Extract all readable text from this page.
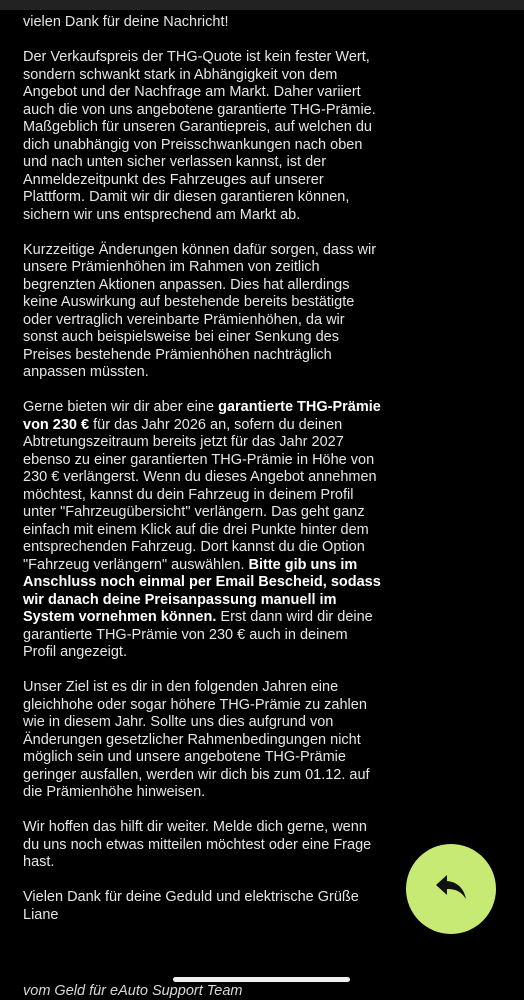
vielen Dank für deine Nachricht!

Der Verkaufspreis der THG-Quote ist kein fester Wert, sondern schwankt stark in Abhängigkeit von dem Angebot und der Nachfrage am Markt. Daher variiert auch die von uns angebotene garantierte THG-Prämie. Maßgeblich für unseren Garantiepreis, auf welchen du dich unabhängig von Preisschwankungen nach oben und nach unten sicher verlassen kannst, ist der Anmeldezeitpunkt des Fahrzeuges auf unserer Plattform. Damit wir dir diesen garantieren können, sichern wir uns entsprechend am Markt ab.

Kurzzeitige Änderungen können dafür sorgen, dass wir unsere Prämienhöhen im Rahmen von zeitlich begrenzten Aktionen anpassen. Dies hat allerdings keine Auswirkung auf bestehende bereits bestätigte oder vertraglich vereinbarte Prämienhöhen, da wir sonst auch beispielsweise bei einer Senkung des Preises bestehende Prämienhöhen nachträglich anpassen müssten.

Gerne bieten wir dir aber eine garantierte THG-Prämie von 230 € für das Jahr 2026 an, sofern du deinen Abtretungszeitraum bereits jetzt für das Jahr 2027 ebenso zu einer garantierten THG-Prämie in Höhe von 230 € verlängerst. Wenn du dieses Angebot annehmen möchtest, kannst du dein Fahrzeug in deinem Profil unter "Fahrzeugübersicht" verlängern. Das geht ganz einfach mit einem Klick auf die drei Punkte hinter dem entsprechenden Fahrzeug. Dort kannst du die Option "Fahrzeug verlängern" auswählen. Bitte gib uns im Anschluss noch einmal per Email Bescheid, sodass wir danach deine Preisanpassung manuell im System vornehmen können. Erst dann wird dir deine garantierte THG-Prämie von 230 € auch in deinem Profil angezeigt.

Unser Ziel ist es dir in den folgenden Jahren eine gleichhohe oder sogar höhere THG-Prämie zu zahlen wie in diesem Jahr. Sollte uns dies aufgrund von Änderungen gesetzlicher Rahmenbedingungen nicht möglich sein und unsere angebotene THG-Prämie geringer ausfallen, werden wir dich bis zum 01.12. auf die Prämienhöhe hinweisen.

Wir hoffen das hilft dir weiter. Melde dich gerne, wenn du uns noch etwas mitteilen möchtest oder eine Frage hast.

Vielen Dank für deine Geduld und elektrische Grüße
Liane

vom Geld für eAuto Support Team
